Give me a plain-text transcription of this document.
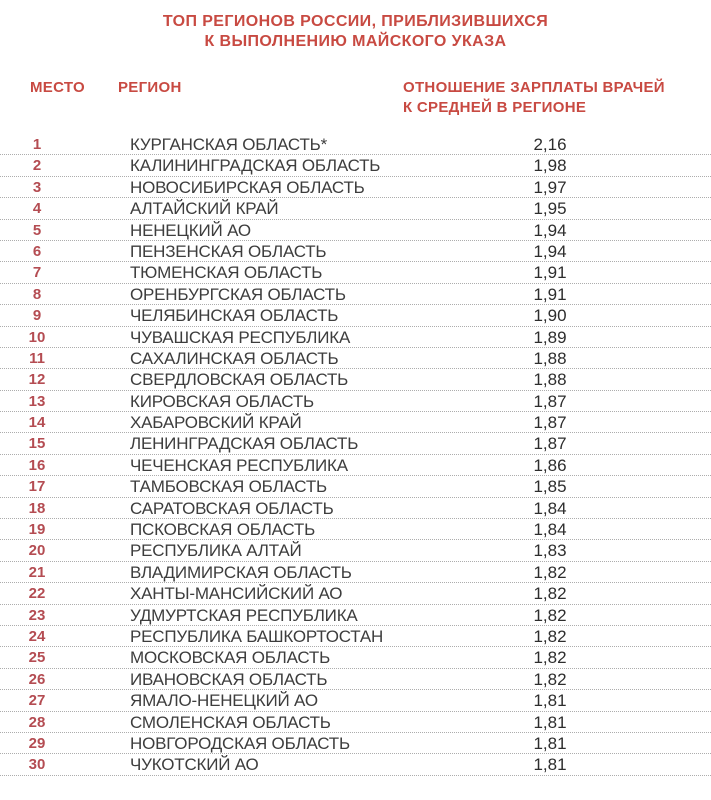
ТОП РЕГИОНОВ РОССИИ, ПРИБЛИЗИВШИХСЯ
К ВЫПОЛНЕНИЮ МАЙСКОГО УКАЗА
МЕСТО РЕГИОН	ОТНОШЕНИЕ ЗАРПЛАТЫ ВРАЧЕЙ
К СРЕДНЕЙ В РЕГИОНЕ
1	КУРГАНСКАЯ ОБЛАСТЬ*	2,16
2	КАЛИНИНГРАДСКАЯ ОБЛАСТЬ	1,98
3	НОВОСИБИРСКАЯ ОБЛАСТЬ	1,97
4	АЛТАЙСКИЙ КРАЙ	1,95
5	НЕНЕЦКИЙ АО	1,94
6	ПЕНЗЕНСКАЯ ОБЛАСТЬ	1,94
7	ТЮМЕНСКАЯ ОБЛАСТЬ	1,91
8	ОРЕНБУРГСКАЯ ОБЛАСТЬ	1,91
9	ЧЕЛЯБИНСКАЯ ОБЛАСТЬ	1,90
10	ЧУВАШСКАЯ РЕСПУБЛИКА	1,89
11	САХАЛИНСКАЯ ОБЛАСТЬ	1,88
12	СВЕРДЛОВСКАЯ ОБЛАСТЬ	1,88
13	КИРОВСКАЯ ОБЛАСТЬ	1,87
14	ХАБАРОВСКИЙ КРАЙ	1,87
15	ЛЕНИНГРАДСКАЯ ОБЛАСТЬ	1,87
16	ЧЕЧЕНСКАЯ РЕСПУБЛИКА	1,86
17	ТАМБОВСКАЯ ОБЛАСТЬ	1,85
18	САРАТОВСКАЯ ОБЛАСТЬ	1,84
19	ПСКОВСКАЯ ОБЛАСТЬ	1,84
20	РЕСПУБЛИКА АЛТАЙ	1,83
21	ВЛАДИМИРСКАЯ ОБЛАСТЬ	1,82
22	ХАНТЫ-МАНСИЙСКИЙ АО	1,82
23	УДМУРТСКАЯ РЕСПУБЛИКА	1,82
24	РЕСПУБЛИКА БАШКОРТОСТАН	1,82
25	МОСКОВСКАЯ ОБЛАСТЬ	1,82
26	ИВАНОВСКАЯ ОБЛАСТЬ	1,82
27	ЯМАЛО-НЕНЕЦКИЙ АО	1,81
28	СМОЛЕНСКАЯ ОБЛАСТЬ	1,81
29	НОВГОРОДСКАЯ ОБЛАСТЬ	1,81
30	ЧУКОТСКИЙ АО	1,81
